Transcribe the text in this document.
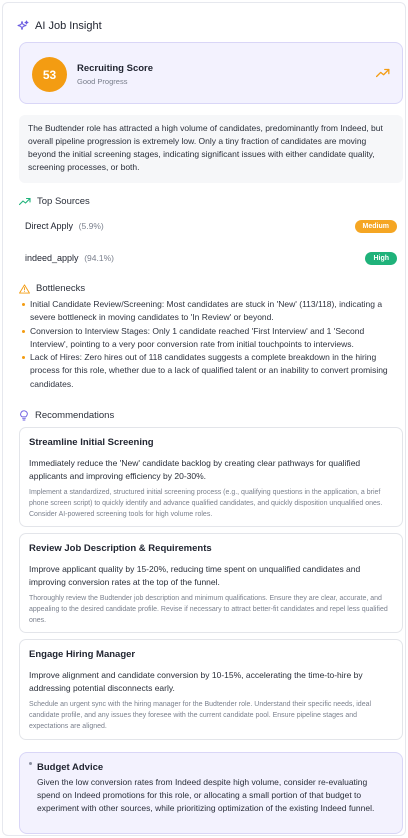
AI Job Insight
53	Recruiting Score
Good Progress
The Budtender role has attracted a high volume of candidates, predominantly from Indeed, but overall pipeline progression is extremely low. Only a tiny fraction of candidates are moving beyond the initial screening stages, indicating significant issues with either candidate quality, screening processes, or both.
Top Sources
Direct Apply (5.9%)	Medium
indeed_apply (94.1%)	High
Bottlenecks
Initial Candidate Review/Screening: Most candidates are stuck in 'New' (113/118), indicating a severe bottleneck in moving candidates to 'In Review' or beyond.
Conversion to Interview Stages: Only 1 candidate reached 'First Interview' and 1 'Second Interview', pointing to a very poor conversion rate from initial touchpoints to interviews.
Lack of Hires: Zero hires out of 118 candidates suggests a complete breakdown in the hiring process for this role, whether due to a lack of qualified talent or an inability to convert promising candidates.
Recommendations
Streamline Initial Screening
Immediately reduce the 'New' candidate backlog by creating clear pathways for qualified applicants and improving efficiency by 20-30%.
Implement a standardized, structured initial screening process (e.g., qualifying questions in the application, a brief phone screen script) to quickly identify and advance qualified candidates, and quickly disposition unqualified ones. Consider AI-powered screening tools for high volume roles.
Review Job Description & Requirements
Improve applicant quality by 15-20%, reducing time spent on unqualified candidates and improving conversion rates at the top of the funnel.
Thoroughly review the Budtender job description and minimum qualifications. Ensure they are clear, accurate, and appealing to the desired candidate profile. Revise if necessary to attract better-fit candidates and repel less qualified ones.
Engage Hiring Manager
Improve alignment and candidate conversion by 10-15%, accelerating the time-to-hire by addressing potential disconnects early.
Schedule an urgent sync with the hiring manager for the Budtender role. Understand their specific needs, ideal candidate profile, and any issues they foresee with the current candidate pool. Ensure pipeline stages and expectations are aligned.
Budget Advice
Given the low conversion rates from Indeed despite high volume, consider re-evaluating spend on Indeed promotions for this role, or allocating a small portion of that budget to experiment with other sources, while prioritizing optimization of the existing Indeed funnel.
